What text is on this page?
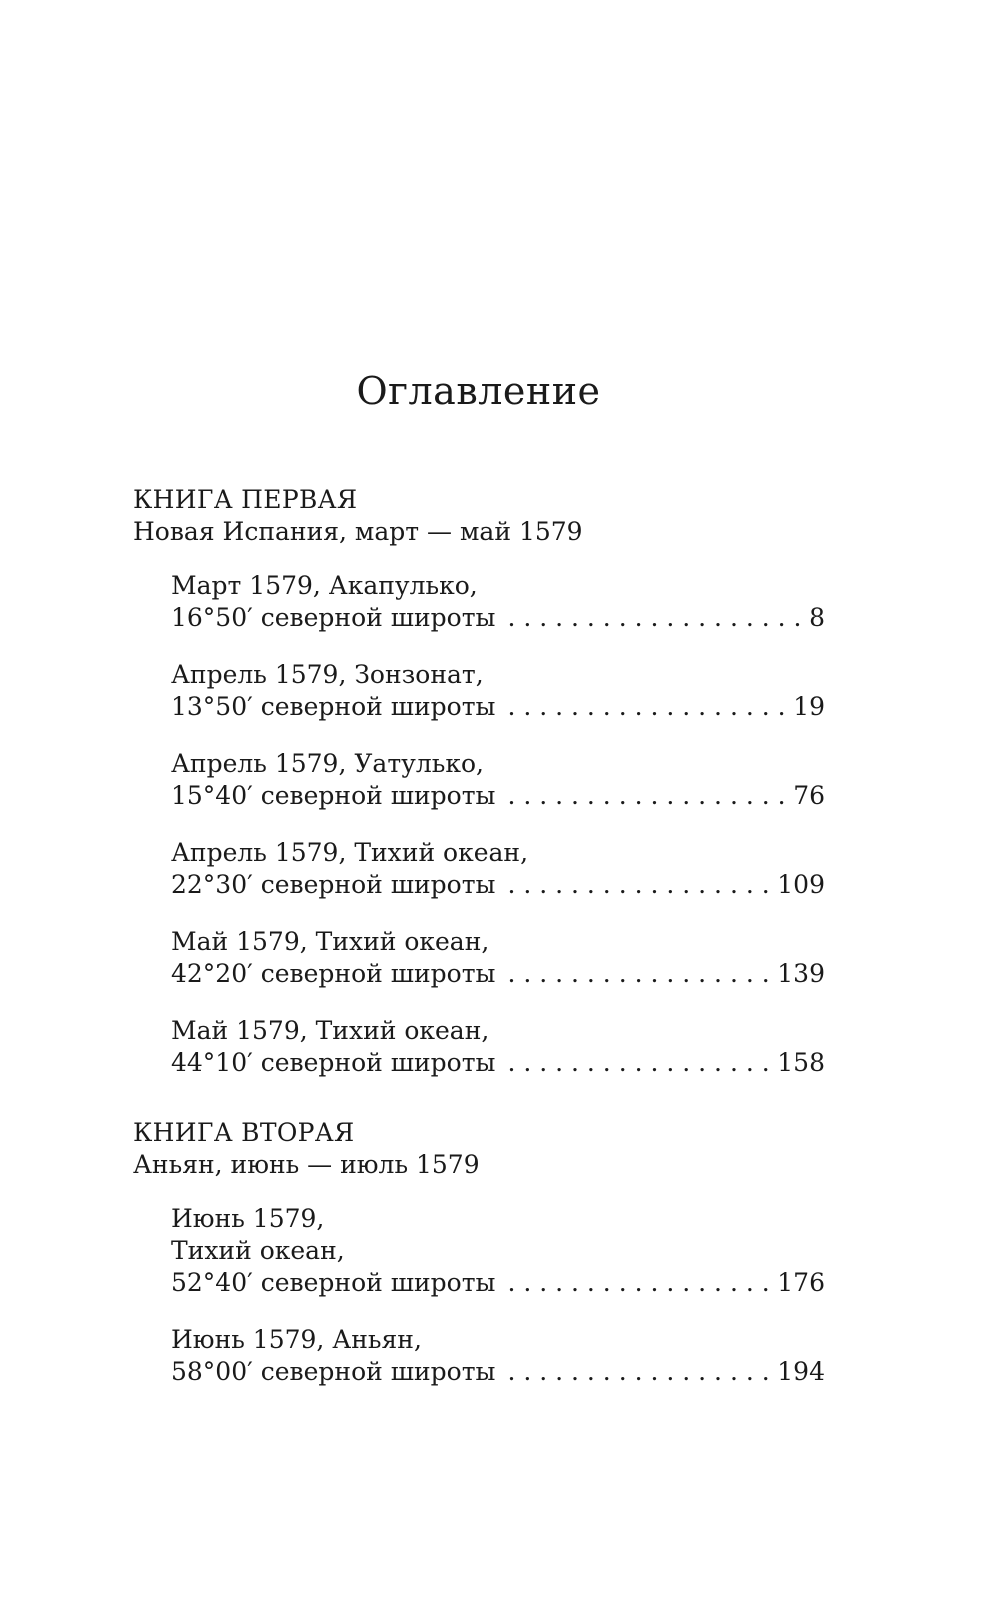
Оглавление
КНИГА ПЕРВАЯ
Новая Испания, март — май 1579
Март 1579, Акапулько,
16°50′ северной широты . . .	8
Апрель 1579, Зонзонат,
13°50′ северной широты . . .	19
Апрель 1579, Уатулько,
15°40′ северной широты . . .	76
Апрель 1579, Тихий океан,
22°30′ северной широты . . .	109
Май 1579, Тихий океан,
42°20′ северной широты . . .	139
Май 1579, Тихий океан,
44°10′ северной широты . . .	158
КНИГА ВТОРАЯ
Аньян, июнь — июль 1579
Июнь 1579,
Тихий океан,
52°40′ северной широты . . .	176
Июнь 1579, Аньян,
58°00′ северной широты . . .	194
